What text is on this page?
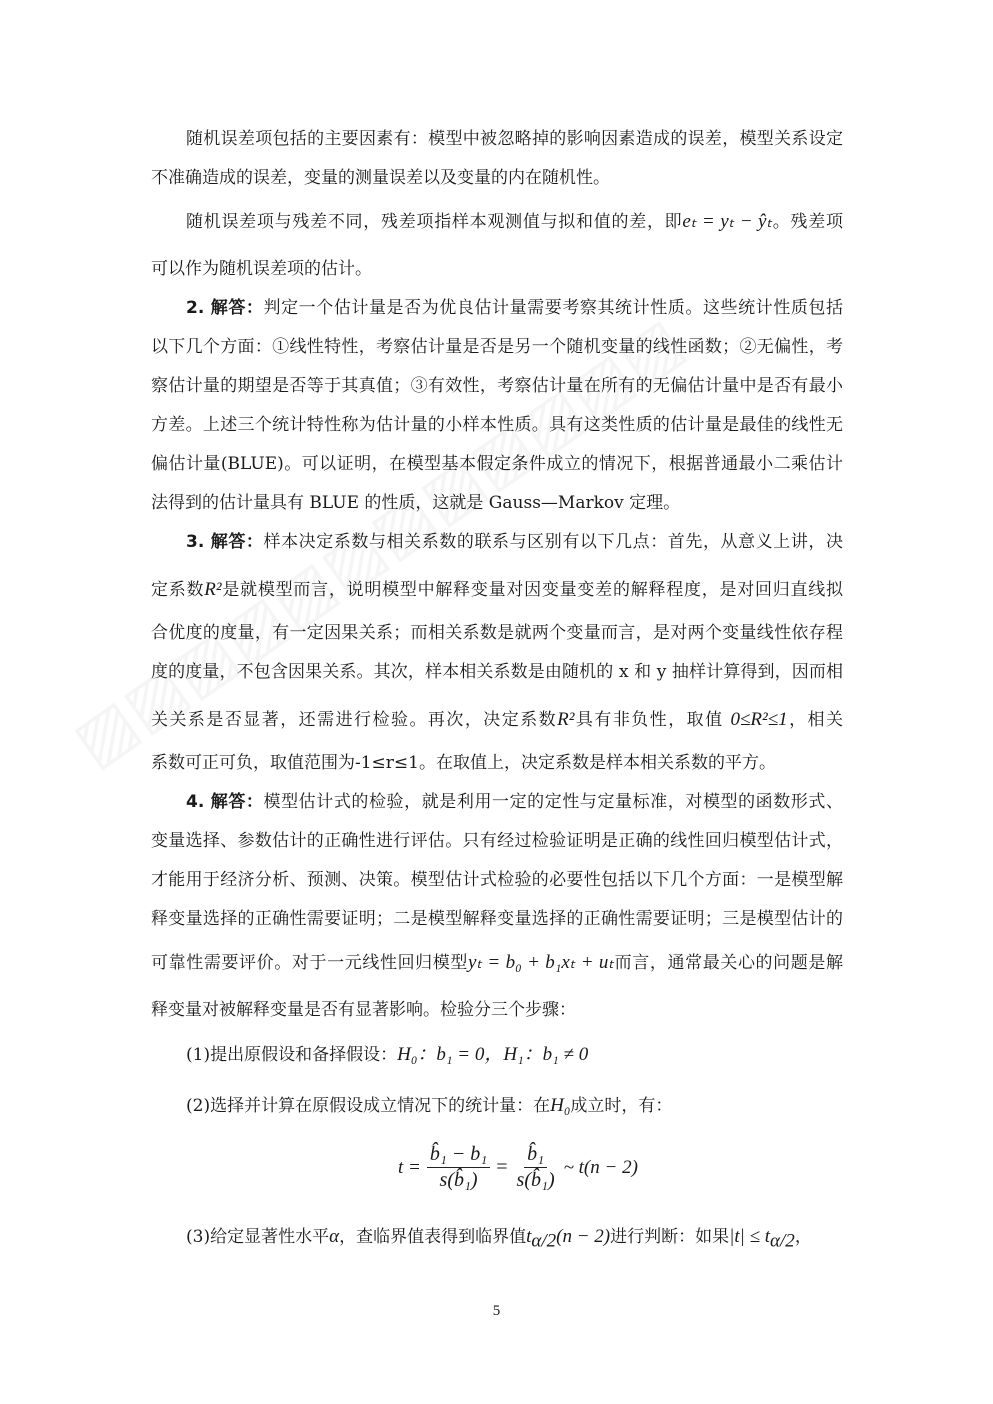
随机误差项包括的主要因素有：模型中被忽略掉的影响因素造成的误差，模型关系设定
不准确造成的误差，变量的测量误差以及变量的内在随机性。
随机误差项与残差不同，残差项指样本观测值与拟和值的差，即eₜ = yₜ − ŷₜ。残差项
可以作为随机误差项的估计。
2. 解答：判定一个估计量是否为优良估计量需要考察其统计性质。这些统计性质包括
以下几个方面：①线性特性，考察估计量是否是另一个随机变量的线性函数；②无偏性，考
察估计量的期望是否等于其真值；③有效性，考察估计量在所有的无偏估计量中是否有最小
方差。上述三个统计特性称为估计量的小样本性质。具有这类性质的估计量是最佳的线性无
偏估计量(BLUE)。可以证明，在模型基本假定条件成立的情况下，根据普通最小二乘估计
法得到的估计量具有 BLUE 的性质，这就是 Gauss—Markov 定理。
3. 解答：样本决定系数与相关系数的联系与区别有以下几点：首先，从意义上讲，决
定系数R²是就模型而言，说明模型中解释变量对因变量变差的解释程度，是对回归直线拟
合优度的度量，有一定因果关系；而相关系数是就两个变量而言，是对两个变量线性依存程
度的度量，不包含因果关系。其次，样本相关系数是由随机的 x 和 y 抽样计算得到，因而相
关关系是否显著，还需进行检验。再次，决定系数R²具有非负性，取值 0≤R²≤1，相关
系数可正可负，取值范围为-1≤r≤1。在取值上，决定系数是样本相关系数的平方。
4. 解答：模型估计式的检验，就是利用一定的定性与定量标准，对模型的函数形式、
变量选择、参数估计的正确性进行评估。只有经过检验证明是正确的线性回归模型估计式，
才能用于经济分析、预测、决策。模型估计式检验的必要性包括以下几个方面：一是模型解
释变量选择的正确性需要证明；二是模型解释变量选择的正确性需要证明；三是模型估计的
可靠性需要评价。对于一元线性回归模型yₜ = b₀ + b₁xₜ + uₜ而言，通常最关心的问题是解
释变量对被解释变量是否有显著影响。检验分三个步骤：
(1)提出原假设和备择假设：H₀：b₁ = 0，H₁：b₁ ≠ 0
(2)选择并计算在原假设成立情况下的统计量：在H₀成立时，有：
$t = \frac{\text{b̂₁ − b₁}}{\text{s(b̂₁)}} = \frac{\text{b̂₁}}{\text{s(b̂₁)}}$ ~ t(n − 2)
(3)给定显著性水平α，查临界值表得到临界值$t_{\alpha/2}(n - 2)$进行判断：如果$|t| \le t_{\alpha/2}$，
5
